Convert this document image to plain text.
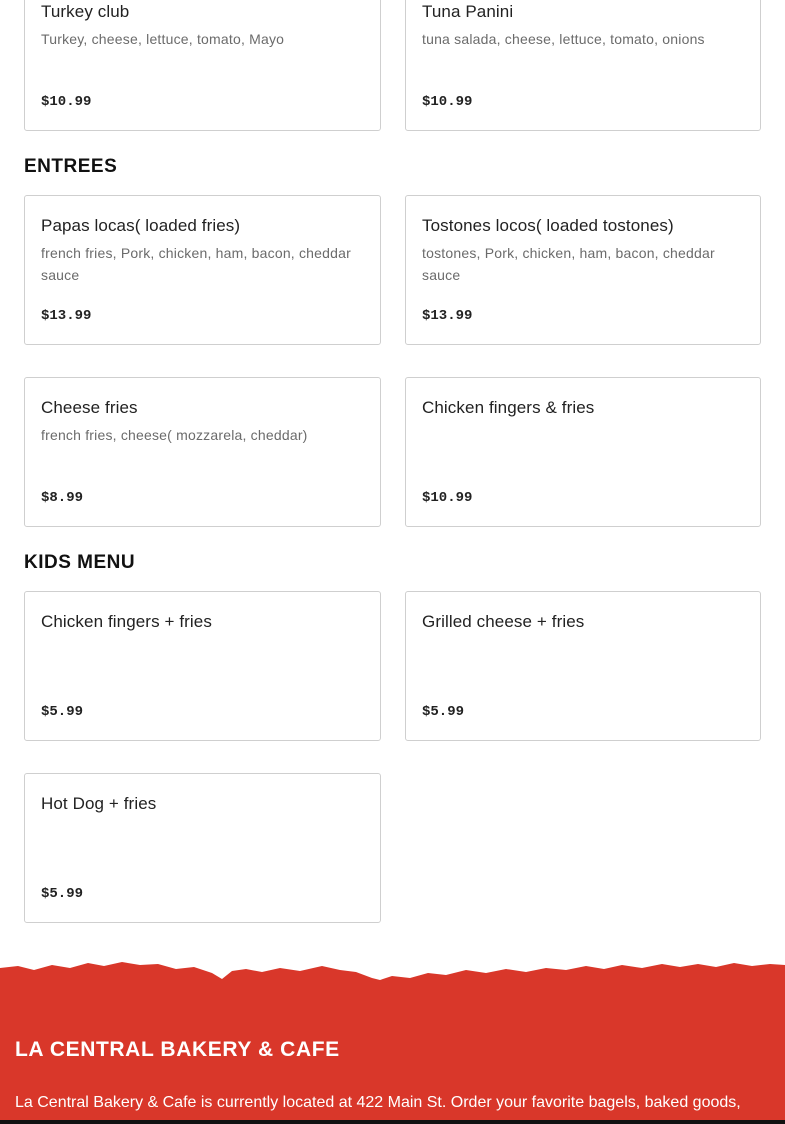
Turkey club
Turkey, cheese, lettuce, tomato, Mayo
$10.99
Tuna Panini
tuna salada, cheese, lettuce, tomato, onions
$10.99
ENTREES
Papas locas( loaded fries)
french fries, Pork, chicken, ham, bacon, cheddar sauce
$13.99
Tostones locos( loaded tostones)
tostones, Pork, chicken, ham, bacon, cheddar sauce
$13.99
Cheese fries
french fries, cheese( mozzarela, cheddar)
$8.99
Chicken fingers & fries
$10.99
KIDS MENU
Chicken fingers + fries
$5.99
Grilled cheese + fries
$5.99
Hot Dog + fries
$5.99
LA CENTRAL BAKERY & CAFE
La Central Bakery & Cafe is currently located at 422 Main St. Order your favorite bagels, baked goods,
